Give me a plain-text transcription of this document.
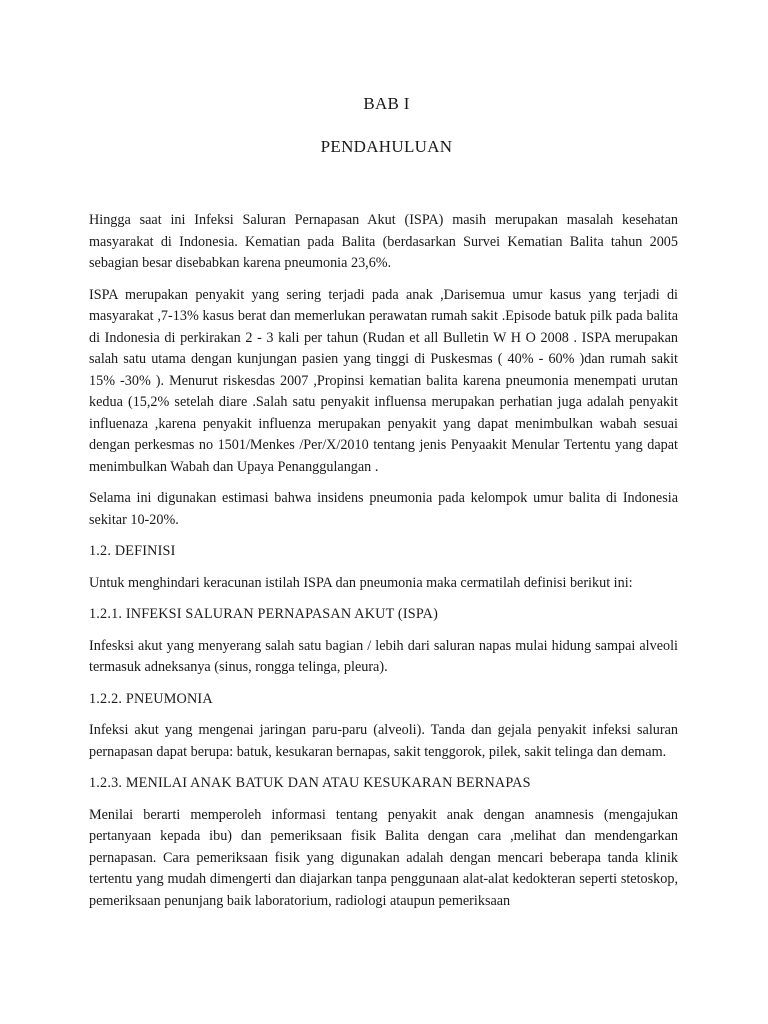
BAB I
PENDAHULUAN

Hingga saat ini Infeksi Saluran Pernapasan Akut (ISPA) masih merupakan masalah kesehatan masyarakat di Indonesia. Kematian pada Balita (berdasarkan Survei Kematian Balita tahun 2005 sebagian besar disebabkan karena pneumonia 23,6%.

ISPA merupakan penyakit yang sering terjadi pada anak ,Darisemua umur kasus yang terjadi di masyarakat ,7-13% kasus berat dan memerlukan perawatan rumah sakit .Episode batuk pilk pada balita di Indonesia di perkirakan 2 - 3 kali per tahun (Rudan et all Bulletin W H O 2008 . ISPA merupakan salah satu utama dengan kunjungan pasien yang tinggi di Puskesmas ( 40% - 60% )dan rumah sakit 15% -30% ). Menurut riskesdas 2007 ,Propinsi kematian balita karena pneumonia menempati urutan kedua (15,2% setelah diare .Salah satu penyakit influensa merupakan perhatian juga adalah penyakit influenaza ,karena penyakit influenza merupakan penyakit yang dapat menimbulkan wabah sesuai dengan perkesmas no 1501/Menkes /Per/X/2010 tentang jenis Penyaakit Menular Tertentu yang dapat menimbulkan Wabah dan Upaya Penanggulangan .

Selama ini digunakan estimasi bahwa insidens pneumonia pada kelompok umur balita di Indonesia sekitar 10-20%.

1.2. DEFINISI

Untuk menghindari keracunan istilah ISPA dan pneumonia maka cermatilah definisi berikut ini:

1.2.1. INFEKSI SALURAN PERNAPASAN AKUT (ISPA)

Infesksi akut yang menyerang salah satu bagian / lebih dari saluran napas mulai hidung sampai alveoli termasuk adneksanya (sinus, rongga telinga, pleura).

1.2.2. PNEUMONIA

Infeksi akut yang mengenai jaringan paru-paru (alveoli). Tanda dan gejala penyakit infeksi saluran pernapasan dapat berupa: batuk, kesukaran bernapas, sakit tenggorok, pilek, sakit telinga dan demam.

1.2.3. MENILAI ANAK BATUK DAN ATAU KESUKARAN BERNAPAS

Menilai berarti memperoleh informasi tentang penyakit anak dengan anamnesis (mengajukan pertanyaan kepada ibu) dan pemeriksaan fisik Balita dengan cara ,melihat dan mendengarkan pernapasan. Cara pemeriksaan fisik yang digunakan adalah dengan mencari beberapa tanda klinik tertentu yang mudah dimengerti dan diajarkan tanpa penggunaan alat-alat kedokteran seperti stetoskop, pemeriksaan penunjang baik laboratorium, radiologi ataupun pemeriksaan
